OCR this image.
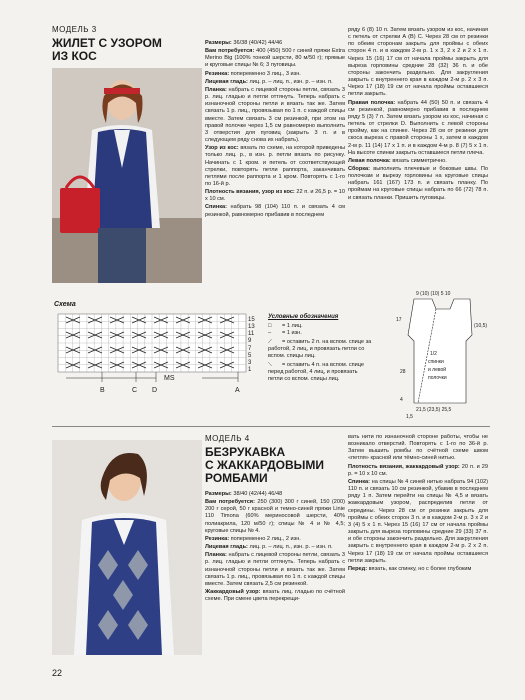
МОДЕЛЬ 3
ЖИЛЕТ С УЗОРОМ
ИЗ КОС

Размеры: 36/38 (40/42) 44/46

Вам потребуется: 400 (450) 500 г синей пряжи Extra Merino Big (100% тонкой шерсти, 80 м/50 г); прямые и круговые спицы № 6; 3 пуговицы.

Резинка: попеременно 3 лиц., 3 изн.

Лицевая гладь: лиц. р. – лиц. п., изн. р. – изн. п.

Планка: набрать с лицевой стороны петли, связать 3 р. лиц. гладью и петли оттянуть. Теперь набрать с изнаночной стороны петли и вязать так же. Затем связать 1 р. лиц., провязывая по 1 п. с каждой спицы вместе. Затем связать 3 см резинкой, при этом на правой полочке через 1,5 см равномерно выполнить 3 отверстия для пуговиц (закрыть 3 п. и в следующем ряду снова их набрать).

Узор из кос: вязать по схеме, на которой приведены только лиц. р., в изн. р. петли вязать по рисунку. Начинать с 1 кром. и петель от соответствующей стрелки, повторять петли раппорта, заканчивать петлями после раппорта и 1 кром. Повторять с 1-го по 16-й р.

Плотность вязания, узор из кос: 22 п. и 26,5 р. = 10 х 10 см.

Спинка: набрать 98 (104) 110 п. и связать 4 см резинкой, равномерно прибавив в последнем

ряду 6 (8) 10 п. Затем вязать узором из кос, начиная с петель от стрелки А (В) С. Через 28 см от резинки по обеим сторонам закрыть для проймы с обеих сторон 4 п. и в каждом 2-м р. 1 х 3, 2 х 2 и 2 х 1 п. Через 15 (16) 17 см от начала проймы закрыть для выреза горловины средние 28 (32) 36 п. и обе стороны закончить раздельно. Для закругления закрыть с внутреннего края в каждом 2-м р. 2 х 3 п. Через 17 (18) 19 см от начала проймы оставшиеся петли закрыть.

Правая полочка: набрать 44 (50) 50 п. и связать 4 см резинкой, равномерно прибавив в последнем ряду 5 (3) 7 п. Затем вязать узором из кос, начиная с петель от стрелки D. Выполнить с левой стороны пройму, как на спинке. Через 28 см от резинки для скоса выреза с правой стороны 1 х, затем в каждом 2-м р. 11 (14) 17 х 1 п. и в каждом 4-м р. 8 (7) 5 х 1 п. На высоте спинки закрыть оставшиеся петли плеча.

Левая полочка: вязать симметрично.

Сборка: выполнить плечевые и боковые швы. По полочкам и вырезу горловины на круговые спицы набрать 161 (167) 173 п. и связать планку. По проймам на круговые спицы набрать по 66 (72) 78 п. и связать планки. Пришить пуговицы.

Схема
15
13
11
9
7
5
3
1
MS
B	C D	A
Условные обозначения
□ = 1 лиц.
– = 1 изн.
⟋ = оставить 2 п. на вспом. спице за работой, 2 лиц, и провязать петли со вспом. спицы лиц.
⟍ = оставить 4 п. на вспом. спице перед работой, 4 лиц, и провязать петли со вспом. спицы лиц.
9 (10) (10) 5 10
(10,5)
1/2
спинки
и левой
полочки
17
28
4
21,5 (23,5) 25,5
1,5
МОДЕЛЬ 4
БЕЗРУКАВКА
С ЖАККАРДОВЫМИ
РОМБАМИ

Размеры: 38/40 (42/44) 46/48

Вам потребуется: 250 (300) 300 г синей, 150 (200) 200 г серой, 50 г красной и темно-синей пряжи Linie 110 Timona (60% мериносовой шерсти, 40% полиакрила, 120 м/50 г); спицы № 4 и № 4,5; круговые спицы № 4.

Резинка: попеременно 2 лиц., 2 изн.

Лицевая гладь: лиц. р. – лиц. п., изн. р. – изн. п.

Планка: набрать с лицевой стороны петли, связать 3 р. лиц. гладью и петли оттянуть. Теперь набрать с изнаночной стороны петли и вязать так же. Затем связать 1 р. лиц., провязывая по 1 п. с каждой спицы вместе. Затем связать 2,5 см резинкой.

Жаккардовый узор: вязать лиц. гладью по счётной схеме. При смене цвета перекрещи-

вать нити по изнаночной стороне работы, чтобы не возникало отверстий. Повторять с 1-го по 36-й р. Затем вышить ромбы по счётной схеме швом «петля» красной или тёмно-синей нитью.

Плотность вязания, жаккардовый узор: 20 п. и 29 р. = 10 х 10 см.

Спинка: на спицы № 4 синей нитью набрать 94 (102) 110 п. и связать 10 см резинкой, убавив в последнем ряду 1 п. Затем перейти на спицы № 4,5 и вязать жаккардовым узором, распределив петли от середины. Через 28 см от резинки закрыть для проймы с обеих сторон 3 п. и в каждом 2-м р. 3 х 2 и 3 (4) 5 х 1 п. Через 15 (16) 17 см от начала проймы закрыть для выреза горловины средние 29 (33) 37 п. и обе стороны закончить раздельно. Для закругления закрыть с внутреннего края в каждом 2-м р. 2 х 2 п. Через 17 (18) 19 см от начала проймы оставшиеся петли закрыть.

Перед: вязать, как спинку, но с более глубоким

22
